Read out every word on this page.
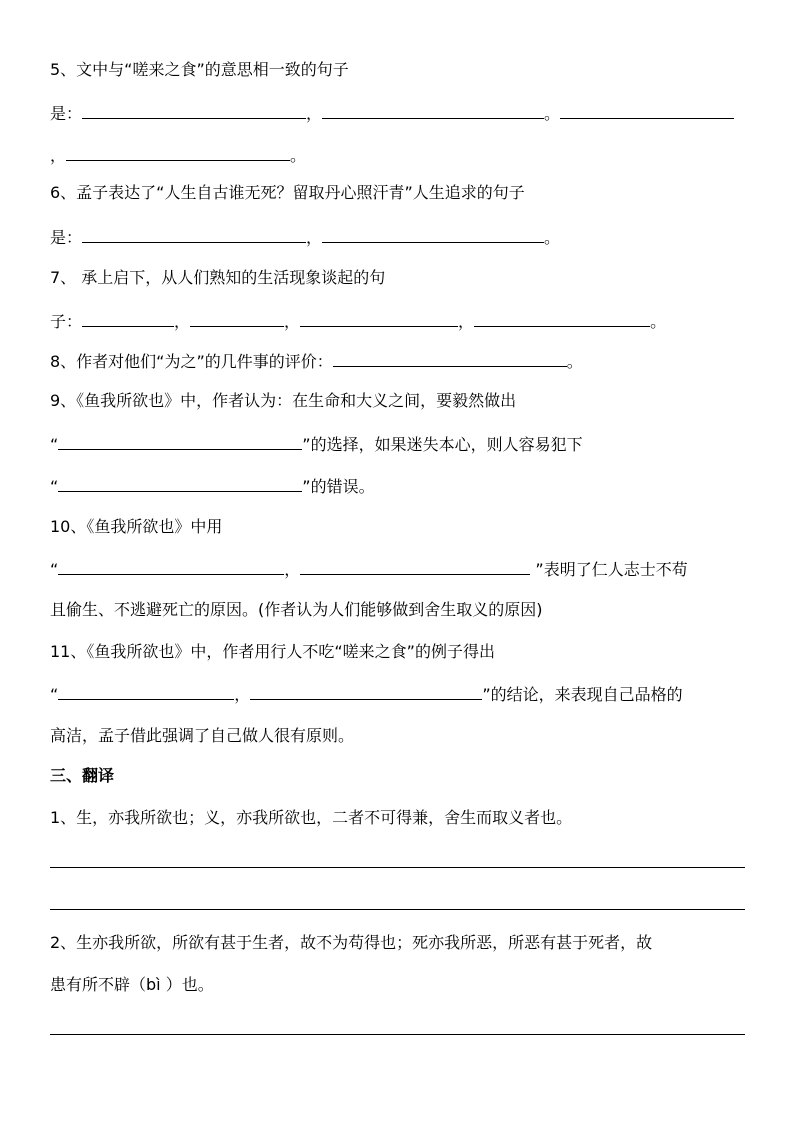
5、文中与“嗟来之食”的意思相一致的句子
是：	，	。
，	。
6、孟子表达了“人生自古谁无死？留取丹心照汗青”人生追求的句子
是：	，	。
7、 承上启下，从人们熟知的生活现象谈起的句
子：	，	，	，	。
8、作者对他们“为之”的几件事的评价：	。
9、《鱼我所欲也》中，作者认为：在生命和大义之间，要毅然做出
“	”的选择，如果迷失本心，则人容易犯下
“	”的错误。
10、《鱼我所欲也》中用
“	，	”表明了仁人志士不苟
且偷生、不逃避死亡的原因。(作者认为人们能够做到舍生取义的原因)
11、《鱼我所欲也》中，作者用行人不吃“嗟来之食”的例子得出
“	，	”的结论，来表现自己品格的
高洁，孟子借此强调了自己做人很有原则。
三、翻译
1、生，亦我所欲也；义，亦我所欲也，二者不可得兼，舍生而取义者也。
2、生亦我所欲，所欲有甚于生者，故不为苟得也；死亦我所恶，所恶有甚于死者，故
患有所不辟（bì ）也。
